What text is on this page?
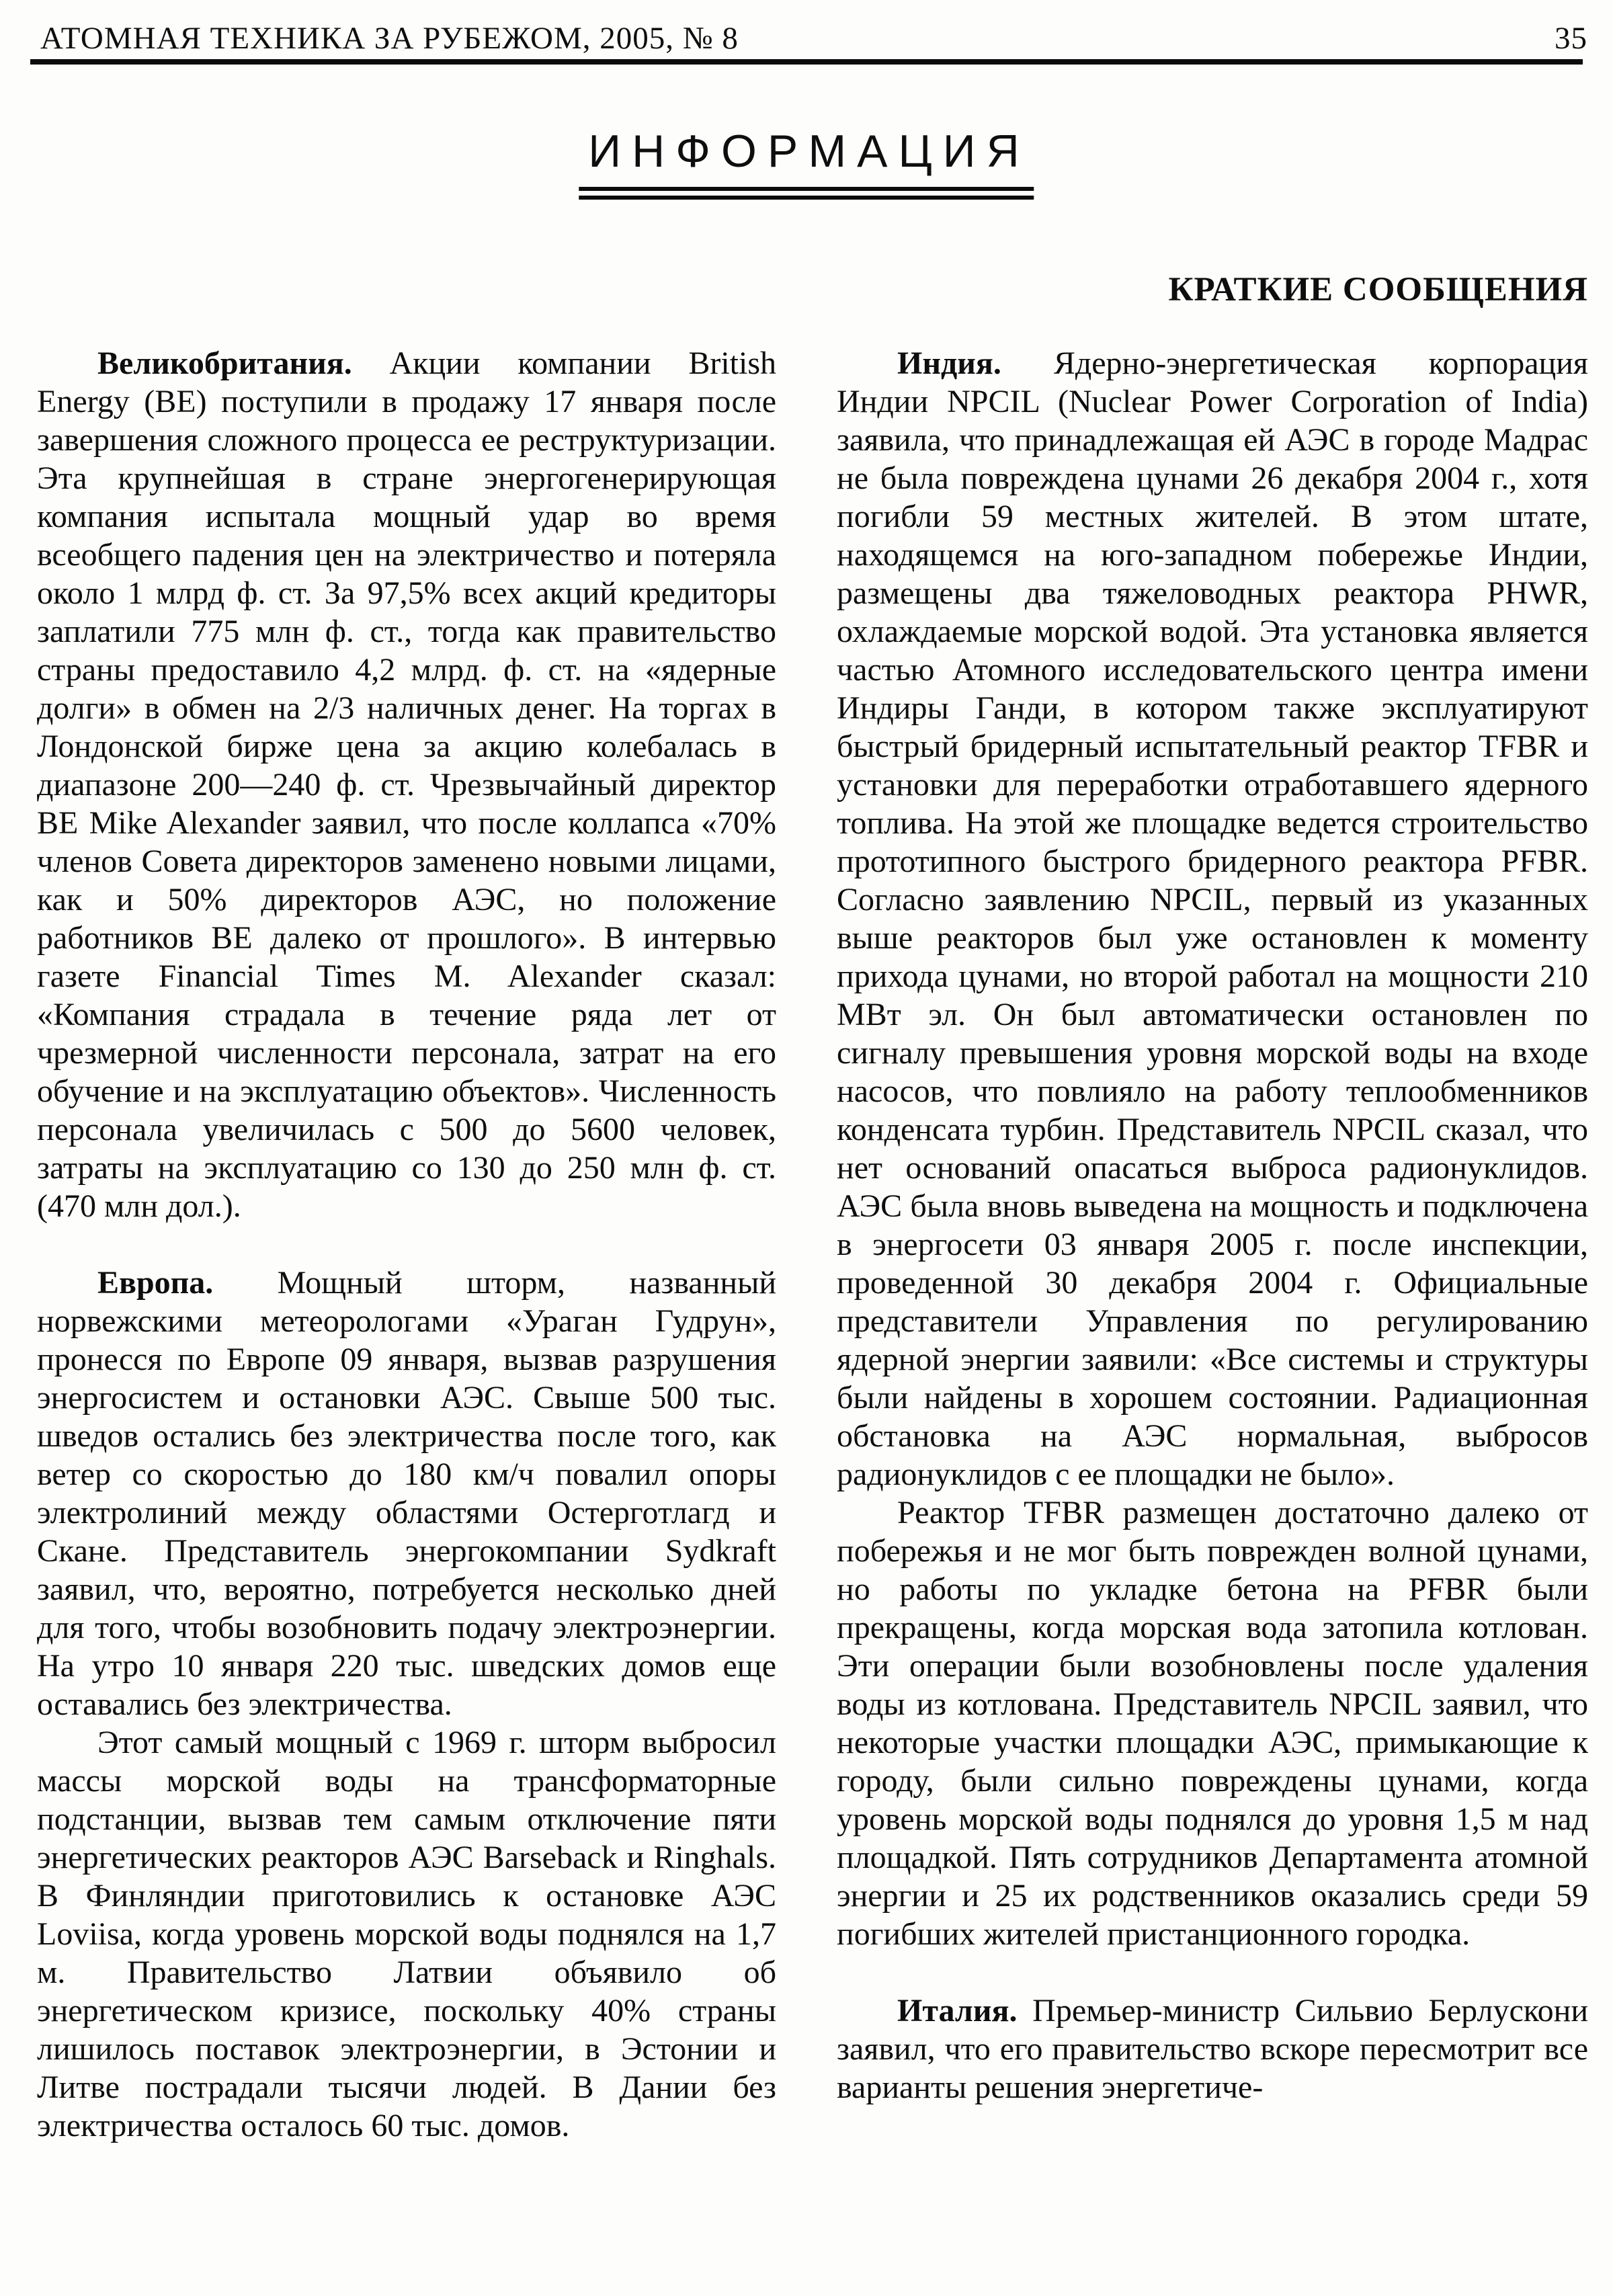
АТОМНАЯ ТЕХНИКА ЗА РУБЕЖОМ, 2005, № 8	35
ИНФОРМАЦИЯ
КРАТКИЕ СООБЩЕНИЯ

Великобритания. Акции компании British Energy (BE) поступили в продажу 17 января после завершения сложного процесса ее реструктуризации. Эта крупнейшая в стране энергогенерирующая компания испытала мощный удар во время всеобщего падения цен на электричество и потеряла около 1 млрд ф. ст. За 97,5% всех акций кредиторы заплатили 775 млн ф. ст., тогда как правительство страны предоставило 4,2 млрд. ф. ст. на «ядерные долги» в обмен на 2/3 наличных денег. На торгах в Лондонской бирже цена за акцию колебалась в диапазоне 200—240 ф. ст. Чрезвычайный директор BE Mike Alexander заявил, что после коллапса «70% членов Совета директоров заменено новыми лицами, как и 50% директоров АЭС, но положение работников BE далеко от прошлого». В интервью газете Financial Times M. Alexander сказал: «Компания страдала в течение ряда лет от чрезмерной численности персонала, затрат на его обучение и на эксплуатацию объектов». Численность персонала увеличилась с 500 до 5600 человек, затраты на эксплуатацию со 130 до 250 млн ф. ст. (470 млн дол.).

Европа. Мощный шторм, названный норвежскими метеорологами «Ураган Гудрун», пронесся по Европе 09 января, вызвав разрушения энергосистем и остановки АЭС. Свыше 500 тыс. шведов остались без электричества после того, как ветер со скоростью до 180 км/ч повалил опоры электролиний между областями Остерготлагд и Скане. Представитель энергокомпании Sydkraft заявил, что, вероятно, потребуется несколько дней для того, чтобы возобновить подачу электроэнергии. На утро 10 января 220 тыс. шведских домов еще оставались без электричества.

Этот самый мощный с 1969 г. шторм выбросил массы морской воды на трансформаторные подстанции, вызвав тем самым отключение пяти энергетических реакторов АЭС Barseback и Ringhals. В Финляндии приготовились к остановке АЭС Loviisa, когда уровень морской воды поднялся на 1,7 м. Правительство Латвии объявило об энергетическом кризисе, поскольку 40% страны лишилось поставок электроэнергии, в Эстонии и Литве пострадали тысячи людей. В Дании без электричества осталось 60 тыс. домов.

Индия. Ядерно-энергетическая корпорация Индии NPCIL (Nuclear Power Corporation of India) заявила, что принадлежащая ей АЭС в городе Мадрас не была повреждена цунами 26 декабря 2004 г., хотя погибли 59 местных жителей. В этом штате, находящемся на юго-западном побережье Индии, размещены два тяжеловодных реактора PHWR, охлаждаемые морской водой. Эта установка является частью Атомного исследовательского центра имени Индиры Ганди, в котором также эксплуатируют быстрый бридерный испытательный реактор TFBR и установки для переработки отработавшего ядерного топлива. На этой же площадке ведется строительство прототипного быстрого бридерного реактора PFBR. Согласно заявлению NPCIL, первый из указанных выше реакторов был уже остановлен к моменту прихода цунами, но второй работал на мощности 210 МВт эл. Он был автоматически остановлен по сигналу превышения уровня морской воды на входе насосов, что повлияло на работу теплообменников конденсата турбин. Представитель NPCIL сказал, что нет оснований опасаться выброса радионуклидов. АЭС была вновь выведена на мощность и подключена в энергосети 03 января 2005 г. после инспекции, проведенной 30 декабря 2004 г. Официальные представители Управления по регулированию ядерной энергии заявили: «Все системы и структуры были найдены в хорошем состоянии. Радиационная обстановка на АЭС нормальная, выбросов радионуклидов с ее площадки не было».

Реактор TFBR размещен достаточно далеко от побережья и не мог быть поврежден волной цунами, но работы по укладке бетона на PFBR были прекращены, когда морская вода затопила котлован. Эти операции были возобновлены после удаления воды из котлована. Представитель NPCIL заявил, что некоторые участки площадки АЭС, примыкающие к городу, были сильно повреждены цунами, когда уровень морской воды поднялся до уровня 1,5 м над площадкой. Пять сотрудников Департамента атомной энергии и 25 их родственников оказались среди 59 погибших жителей пристанционного городка.

Италия. Премьер-министр Сильвио Берлускони заявил, что его правительство вскоре пересмотрит все варианты решения энергетиче-
